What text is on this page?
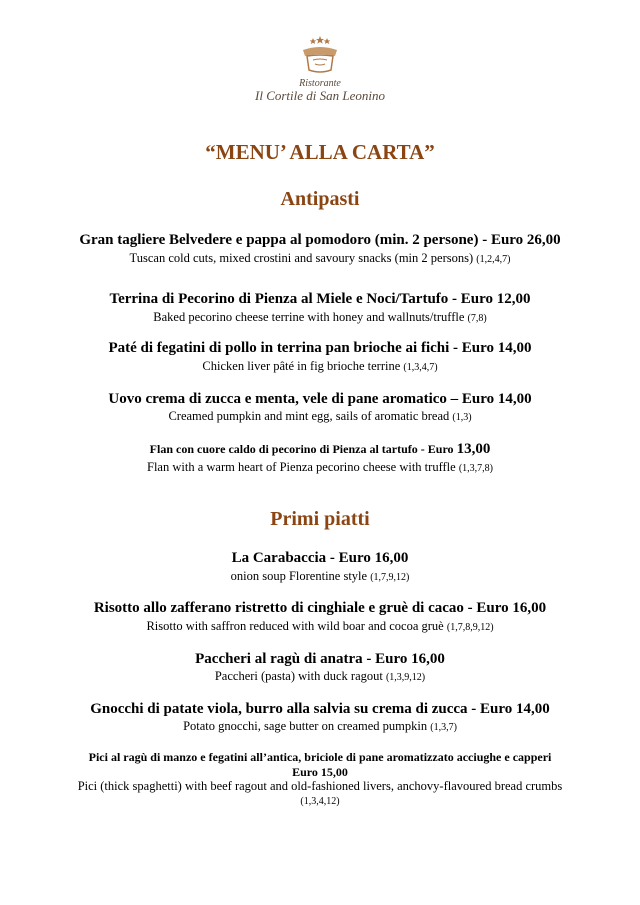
Ristorante
Il Cortile di San Leonino
“MENU’ ALLA CARTA”
Antipasti
Gran tagliere Belvedere e pappa al pomodoro (min. 2 persone) - Euro 26,00
Tuscan cold cuts, mixed crostini and savoury snacks (min 2 persons) (1,2,4,7)
Terrina di Pecorino di Pienza al Miele e Noci/Tartufo - Euro 12,00
Baked pecorino cheese terrine with honey and wallnuts/truffle (7,8)
Paté di fegatini di pollo in terrina pan brioche ai fichi - Euro 14,00
Chicken liver pâté in fig brioche terrine (1,3,4,7)
Uovo crema di zucca e menta, vele di pane aromatico – Euro 14,00
Creamed pumpkin and mint egg, sails of aromatic bread (1,3)
Flan con cuore caldo di pecorino di Pienza al tartufo - Euro 13,00
Flan with a warm heart of Pienza pecorino cheese with truffle (1,3,7,8)
Primi piatti
La Carabaccia - Euro 16,00
onion soup Florentine style (1,7,9,12)
Risotto allo zafferano ristretto di cinghiale e gruè di cacao - Euro 16,00
Risotto with saffron reduced with wild boar and cocoa gruè (1,7,8,9,12)
Paccheri al ragù di anatra - Euro 16,00
Paccheri (pasta) with duck ragout (1,3,9,12)
Gnocchi di patate viola, burro alla salvia su crema di zucca - Euro 14,00
Potato gnocchi, sage butter on creamed pumpkin (1,3,7)
Pici al ragù di manzo e fegatini all’antica, briciole di pane aromatizzato acciughe e capperi
Euro 15,00
Pici (thick spaghetti) with beef ragout and old-fashioned livers, anchovy-flavoured bread crumbs
(1,3,4,12)
